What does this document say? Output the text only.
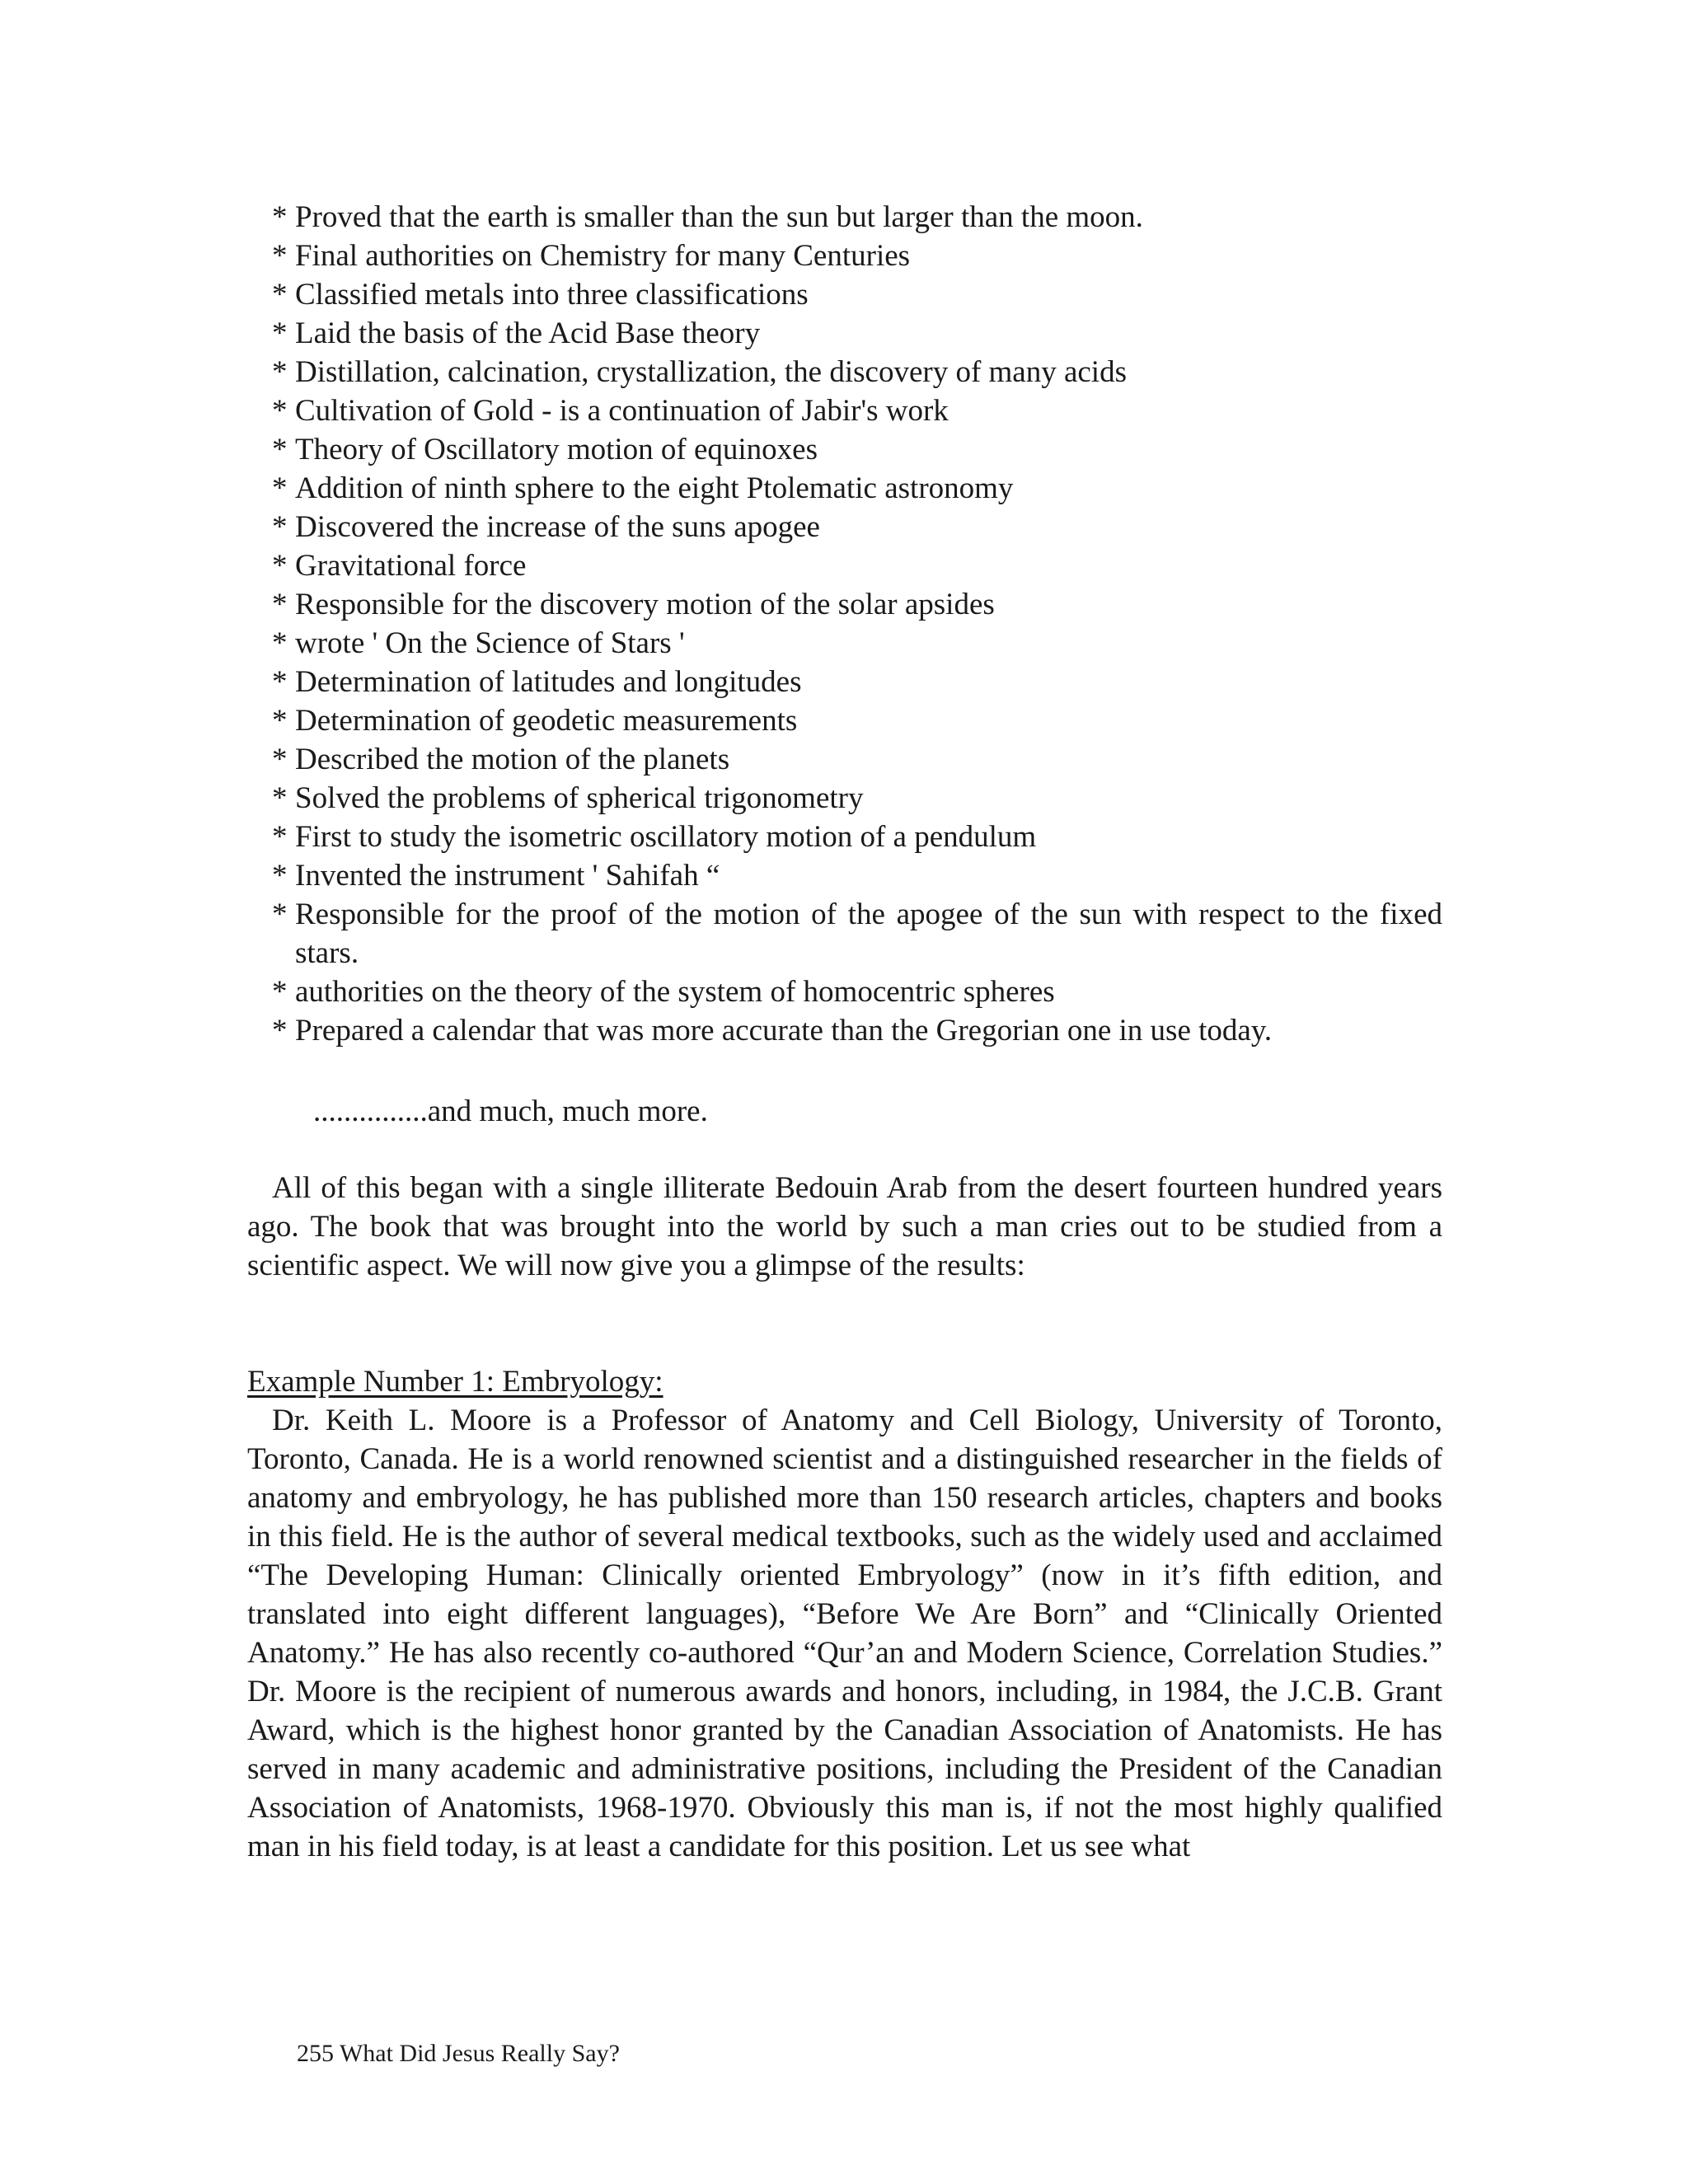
* Proved that the earth is smaller than the sun but larger than the moon.
* Final authorities on Chemistry for many Centuries
* Classified metals into three classifications
* Laid the basis of the Acid Base theory
* Distillation, calcination, crystallization, the discovery of many acids
* Cultivation of Gold - is a continuation of Jabir's work
* Theory of Oscillatory motion of equinoxes
* Addition of ninth sphere to the eight Ptolematic astronomy
* Discovered the increase of the suns apogee
* Gravitational force
* Responsible for the discovery motion of the solar apsides
* wrote ' On the Science of Stars '
* Determination of latitudes and longitudes
* Determination of geodetic measurements
* Described the motion of the planets
* Solved the problems of spherical trigonometry
* First to study the isometric oscillatory motion of a pendulum
* Invented the instrument ' Sahifah “
* Responsible for the proof of the motion of the apogee of the sun with respect to the fixed stars.
* authorities on the theory of the system of homocentric spheres
* Prepared a calendar that was more accurate than the Gregorian one in use today.

...............and much, much more.

All of this began with a single illiterate Bedouin Arab from the desert fourteen hundred years ago. The book that was brought into the world by such a man cries out to be studied from a scientific aspect. We will now give you a glimpse of the results:

Example Number 1: Embryology:

Dr. Keith L. Moore is a Professor of Anatomy and Cell Biology, University of Toronto, Toronto, Canada. He is a world renowned scientist and a distinguished researcher in the fields of anatomy and embryology, he has published more than 150 research articles, chapters and books in this field. He is the author of several medical textbooks, such as the widely used and acclaimed “The Developing Human: Clinically oriented Embryology” (now in it’s fifth edition, and translated into eight different languages), “Before We Are Born” and “Clinically Oriented Anatomy.” He has also recently co-authored “Qur’an and Modern Science, Correlation Studies.” Dr. Moore is the recipient of numerous awards and honors, including, in 1984, the J.C.B. Grant Award, which is the highest honor granted by the Canadian Association of Anatomists. He has served in many academic and administrative positions, including the President of the Canadian Association of Anatomists, 1968-1970. Obviously this man is, if not the most highly qualified man in his field today, is at least a candidate for this position. Let us see what

255 What Did Jesus Really Say?
